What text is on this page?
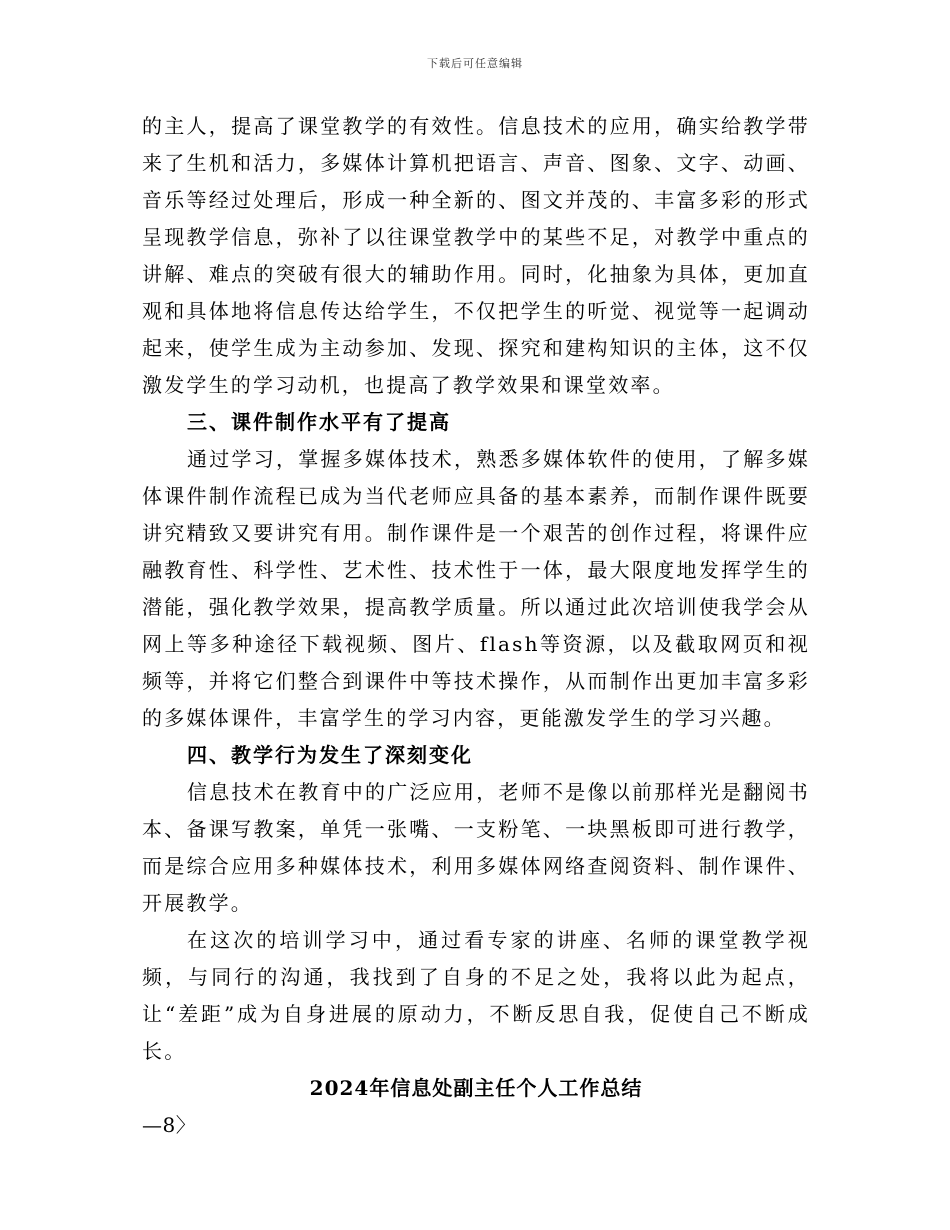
下载后可任意编辑

的主人，提高了课堂教学的有效性。信息技术的应用，确实给教学带来了生机和活力，多媒体计算机把语言、声音、图象、文字、动画、音乐等经过处理后，形成一种全新的、图文并茂的、丰富多彩的形式呈现教学信息，弥补了以往课堂教学中的某些不足，对教学中重点的讲解、难点的突破有很大的辅助作用。同时，化抽象为具体，更加直观和具体地将信息传达给学生，不仅把学生的听觉、视觉等一起调动起来，使学生成为主动参加、发现、探究和建构知识的主体，这不仅激发学生的学习动机，也提高了教学效果和课堂效率。

三、课件制作水平有了提高

通过学习，掌握多媒体技术，熟悉多媒体软件的使用，了解多媒体课件制作流程已成为当代老师应具备的基本素养，而制作课件既要讲究精致又要讲究有用。制作课件是一个艰苦的创作过程，将课件应融教育性、科学性、艺术性、技术性于一体，最大限度地发挥学生的潜能，强化教学效果，提高教学质量。所以通过此次培训使我学会从网上等多种途径下载视频、图片、flash等资源，以及截取网页和视频等，并将它们整合到课件中等技术操作，从而制作出更加丰富多彩的多媒体课件，丰富学生的学习内容，更能激发学生的学习兴趣。

四、教学行为发生了深刻变化

信息技术在教育中的广泛应用，老师不是像以前那样光是翻阅书本、备课写教案，单凭一张嘴、一支粉笔、一块黑板即可进行教学，而是综合应用多种媒体技术，利用多媒体网络查阅资料、制作课件、开展教学。

在这次的培训学习中，通过看专家的讲座、名师的课堂教学视频，与同行的沟通，我找到了自身的不足之处，我将以此为起点，让“差距”成为自身进展的原动力，不断反思自我，促使自己不断成长。

2024年信息处副主任个人工作总结

—8〉
